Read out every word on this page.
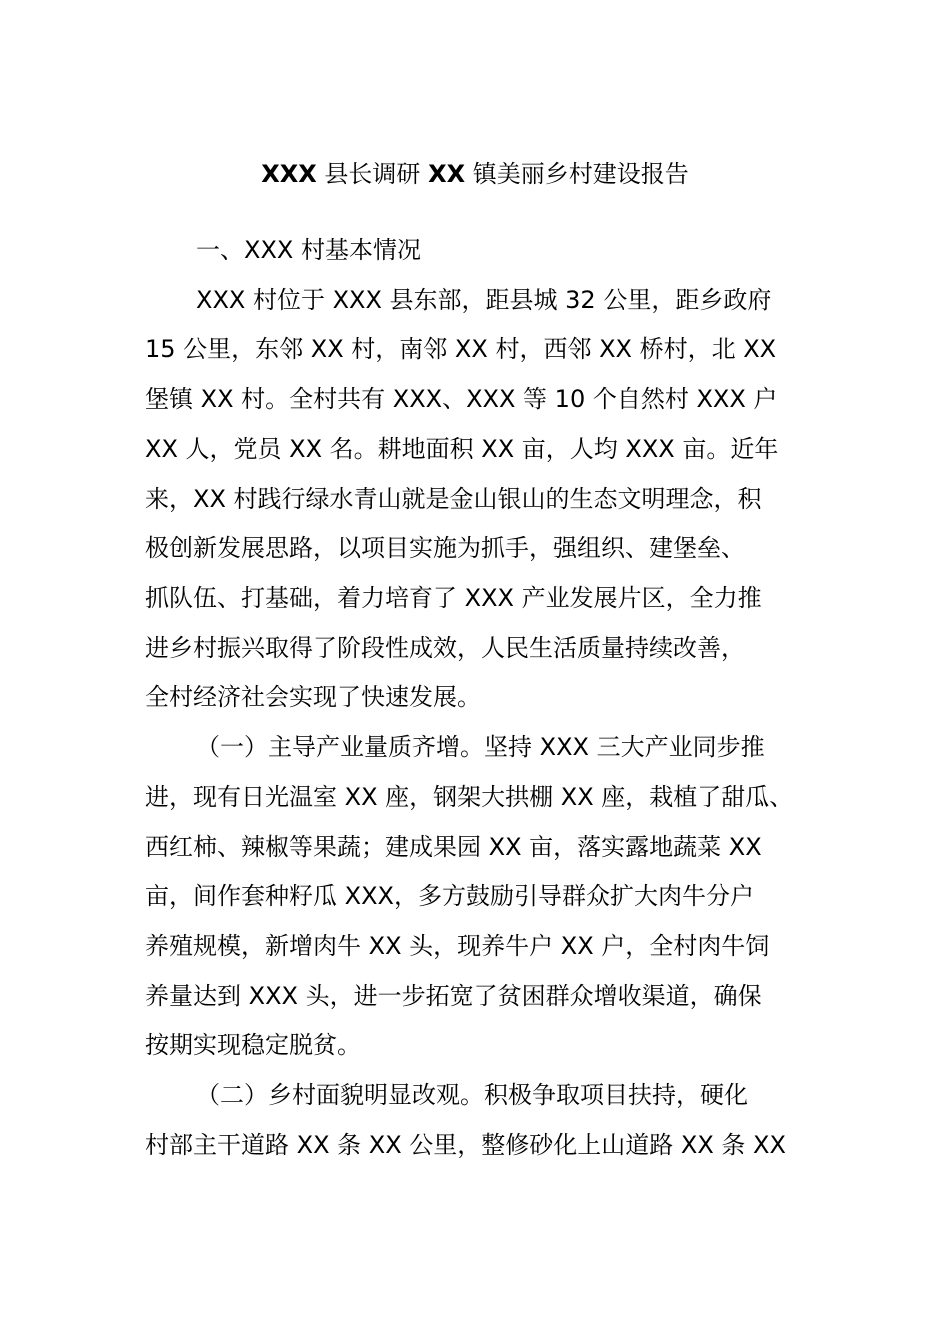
XXX 县长调研 XX 镇美丽乡村建设报告
一、XXX 村基本情况
XXX 村位于 XXX 县东部，距县城 32 公里，距乡政府
15 公里，东邻 XX 村，南邻 XX 村，西邻 XX 桥村，北 XX
堡镇 XX 村。全村共有 XXX、XXX 等 10 个自然村 XXX 户
XX 人，党员 XX 名。耕地面积 XX 亩，人均 XXX 亩。近年
来，XX 村践行绿水青山就是金山银山的生态文明理念，积
极创新发展思路，以项目实施为抓手，强组织、建堡垒、
抓队伍、打基础，着力培育了 XXX 产业发展片区，全力推
进乡村振兴取得了阶段性成效，人民生活质量持续改善，
全村经济社会实现了快速发展。
（一）主导产业量质齐增。坚持 XXX 三大产业同步推
进，现有日光温室 XX 座，钢架大拱棚 XX 座，栽植了甜瓜、
西红柿、辣椒等果蔬；建成果园 XX 亩，落实露地蔬菜 XX
亩，间作套种籽瓜 XXX，多方鼓励引导群众扩大肉牛分户
养殖规模，新增肉牛 XX 头，现养牛户 XX 户，全村肉牛饲
养量达到 XXX 头，进一步拓宽了贫困群众增收渠道，确保
按期实现稳定脱贫。
（二）乡村面貌明显改观。积极争取项目扶持，硬化
村部主干道路 XX 条 XX 公里，整修砂化上山道路 XX 条 XX
